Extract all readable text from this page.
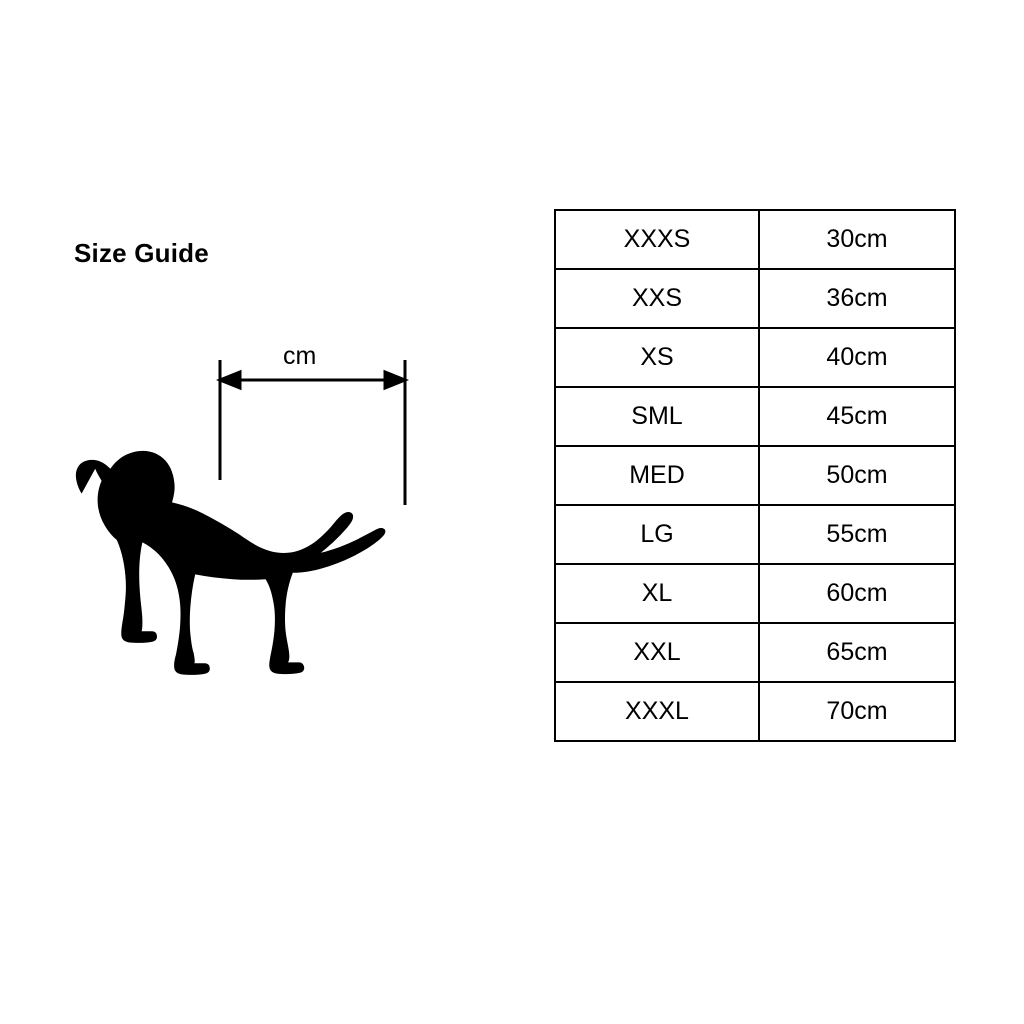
Size Guide
cm
XXXS	30cm
XXS	36cm
XS	40cm
SML	45cm
MED	50cm
LG	55cm
XL	60cm
XXL	65cm
XXXL	70cm
